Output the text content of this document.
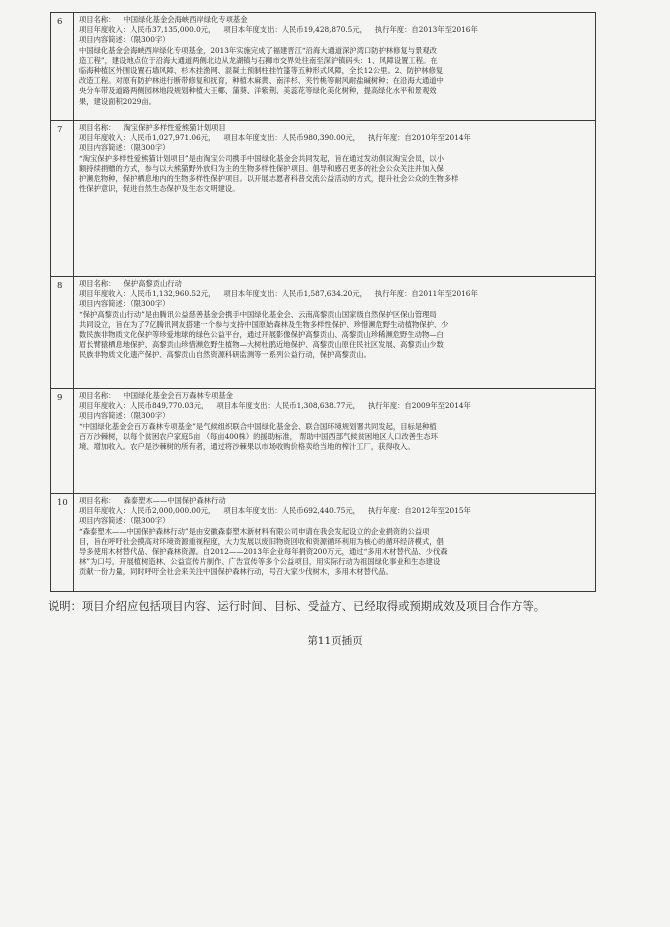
6 项目名称： 中国绿化基金会海峡西岸绿化专项基金
项目年度收入：人民币37,135,000.0元， 项目本年度支出：人民币19,428,870.5元， 执行年度：自2013年至2016年
项目内容简述：（限300字）

中国绿化基金会海峡西岸绿化专项基金，2013年实施完成了福建晋江“沿海大通道深沪湾口防护林修复与景观改

造工程”，建设地点位于沿海大通道两侧北边从龙湖镇与石狮市交界处往南至深沪镇码头：1、风障设置工程。在

临海种植区外围设置石墙风障、杉木挂渔网、混凝土预制柱挂竹篷等五种形式风障，全长12公里。2、防护林修复

改造工程。对原有防护林进行断带修复和抚育，种植木麻黄、南洋杉、夹竹桃等耐风耐盐碱树种；在沿海大通道中

央分车带及道路两侧园林地段规划种植大王椰、蒲葵、洋紫荆、美蕊花等绿化美化树种，提高绿化水平和景观效

果，建设面积2029亩。

7 项目名称： 淘宝保护多样性爱熊猫计划项目
项目年度收入：人民币1,027,971.06元， 项目本年度支出：人民币980,390.00元， 执行年度：自2010年至2014年
项目内容简述：（限300字）

“淘宝保护多样性爱熊猫计划项目”是由淘宝公司携手中国绿化基金会共同发起，旨在通过发动俱议淘宝会员，以小

额持续捐赠的方式，参与以大熊猫野外放归为主的生物多样性保护项目。倡导和感召更多的社会公众关注并加入保

护濒危物种，保护栖息地内的生物多样性保护项目。以开展志愿者科普交流公益活动的方式，提升社会公众的生物多样

性保护意识，促进自然生态保护及生态文明建设。

8 项目名称： 保护高黎贡山行动
项目年度收入：人民币1,132,960.52元， 项目本年度支出：人民币1,587,634.20元， 执行年度：自2011年至2016年
项目内容简述：（限300字）

“保护高黎贡山行动”是由腾讯公益慈善基金会携手中国绿化基金会、云南高黎贡山国家级自然保护区保山管理局

共同设立，旨在为了7亿腾讯网友搭建一个参与支持中国原始森林及生物多样性保护、珍惜濒危野生动植物保护、少

数民族非物质文化保护等珍爱地球的绿色公益平台，通过开展影像保护高黎贡山、高黎贡山珍稀濒危野生动物—白

眉长臂猿栖息地保护、高黎贡山珍惜濒危野生植物—大树杜鹃近地保护、高黎贡山原住民社区发展、高黎贡山少数

民族非物质文化遗产保护、高黎贡山自然资源科研监测等一系列公益行动，保护高黎贡山。

9 项目名称： 中国绿化基金会百万森林专项基金
项目年度收入：人民币849,770.03元， 项目本年度支出：人民币1,308,638.77元， 执行年度：自2009年至2014年
项目内容简述：（限300字）

“中国绿化基金会百万森林专项基金”是气候组织联合中国绿化基金会、联合国环境规划署共同发起，目标是种植

百万沙棘树，以每个贫困农户家庭5亩 （每亩400株）的援助标准， 帮助中国西部气候贫困地区人口改善生态环

境、增加收入。农户是沙棘树的所有者，通过将沙棘果以市场收购价格卖给当地的榨汁工厂，获得收入。

10 项目名称： 森泰塑木——中国保护森林行动
项目年度收入：人民币2,000,000.00元， 项目本年度支出：人民币692,440.75元， 执行年度：自2012年至2015年
项目内容简述：（限300字）

“森泰塑木——中国保护森林行动”是由安徽森泰塑木新材料有限公司申请在我会发起设立的企业捐资的公益项

目，旨在呼吁社会摸高对环境资源重视程度，大力发展以废旧物资回收和资源循环利用为核心的循环经济模式，倡

导多使用木材替代品、保护森林资源。自2012——2013年企业每年捐资200万元，通过“多用木材替代品、少伐森

林”为口号，开展植树造林、公益宣传片制作、广告宣传等多个公益项目，用实际行动为祖国绿化事业和生态建设

贡献一份力量，同时呼吁全社会来关注中国保护森林行动，号召大家少伐树木，多用木材替代品。

说明：项目介绍应包括项目内容、运行时间、目标、受益方、已经取得或预期成效及项目合作方等。
第11页插页
